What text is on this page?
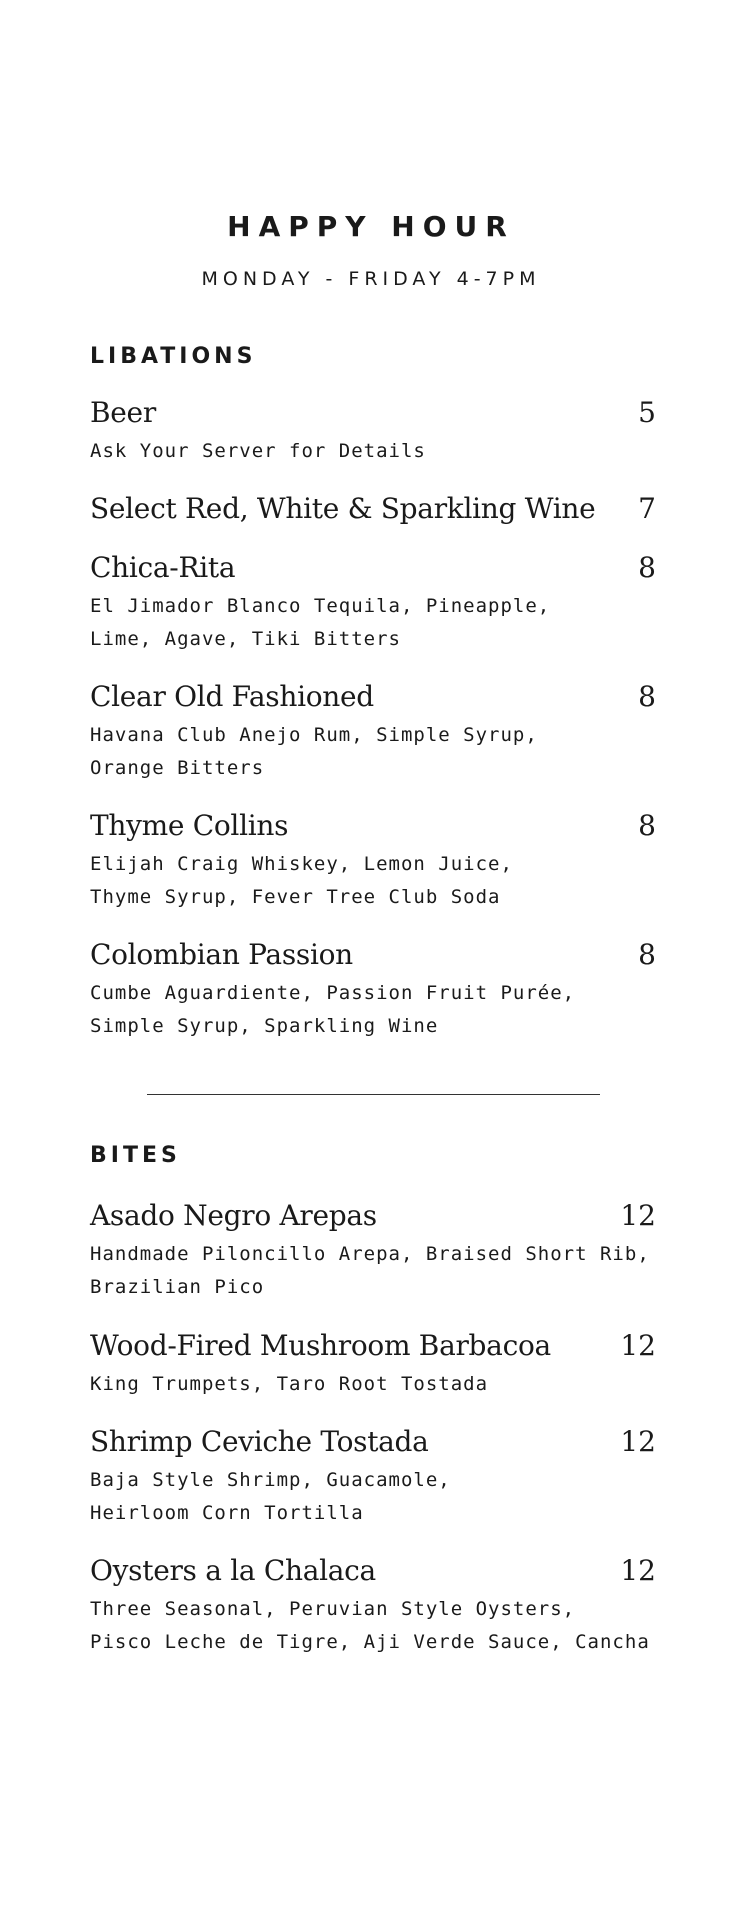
HAPPY HOUR
MONDAY - FRIDAY 4-7PM
LIBATIONS
Beer	5
Ask Your Server for Details
Select Red, White & Sparkling Wine 7
Chica-Rita	8
El Jimador Blanco Tequila, Pineapple,
Lime, Agave, Tiki Bitters
Clear Old Fashioned	8
Havana Club Anejo Rum, Simple Syrup,
Orange Bitters
Thyme Collins	8
Elijah Craig Whiskey, Lemon Juice,
Thyme Syrup, Fever Tree Club Soda
Colombian Passion	8
Cumbe Aguardiente, Passion Fruit Purée,
Simple Syrup, Sparkling Wine
BITES
Asado Negro Arepas	12
Handmade Piloncillo Arepa, Braised Short Rib,
Brazilian Pico
Wood-Fired Mushroom Barbacoa 12
King Trumpets, Taro Root Tostada
Shrimp Ceviche Tostada	12
Baja Style Shrimp, Guacamole,
Heirloom Corn Tortilla
Oysters a la Chalaca	12
Three Seasonal, Peruvian Style Oysters,
Pisco Leche de Tigre, Aji Verde Sauce, Cancha
